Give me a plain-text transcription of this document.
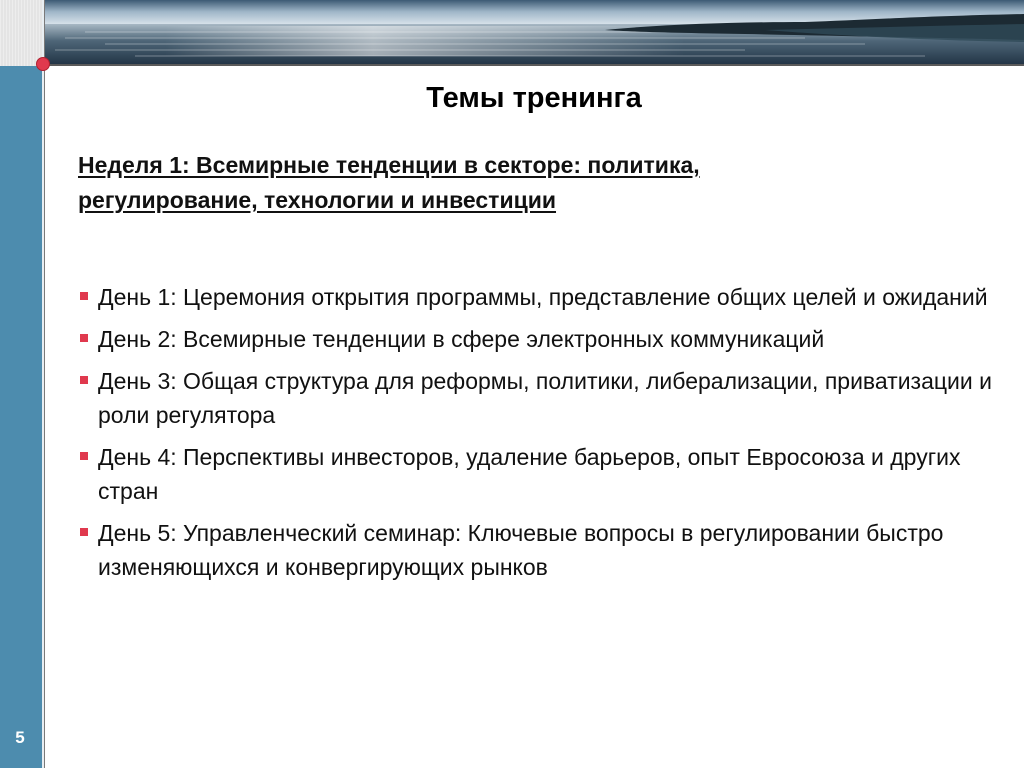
Темы тренинга
Неделя 1: Всемирные тенденции в секторе: политика, регулирование, технологии и инвестиции
День 1: Церемония открытия программы, представление общих целей и ожиданий
День 2: Всемирные тенденции в сфере электронных коммуникаций
День 3: Общая структура для реформы, политики, либерализации, приватизации и роли регулятора
День 4: Перспективы инвесторов, удаление барьеров, опыт Евросоюза и других стран
День 5: Управленческий семинар: Ключевые вопросы в регулировании быстро изменяющихся и конвергирующих рынков
5
